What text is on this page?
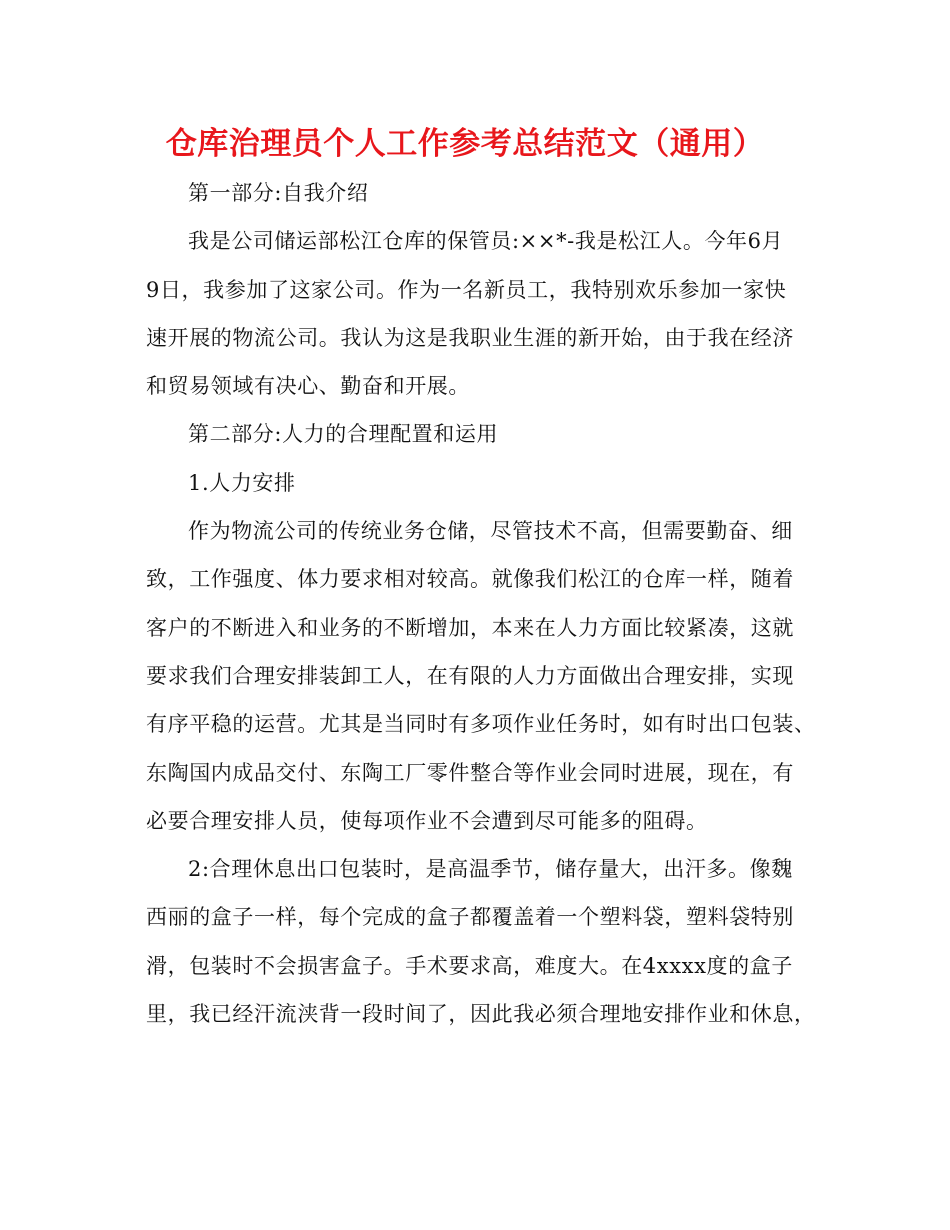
仓库治理员个人工作参考总结范文（通用）
第一部分:自我介绍
我是公司储运部松江仓库的保管员:××*-我是松江人。今年6月
9日，我参加了这家公司。作为一名新员工，我特别欢乐参加一家快
速开展的物流公司。我认为这是我职业生涯的新开始，由于我在经济
和贸易领域有决心、勤奋和开展。
第二部分:人力的合理配置和运用
1.人力安排
作为物流公司的传统业务仓储，尽管技术不高，但需要勤奋、细
致，工作强度、体力要求相对较高。就像我们松江的仓库一样，随着
客户的不断进入和业务的不断增加，本来在人力方面比较紧凑，这就
要求我们合理安排装卸工人，在有限的人力方面做出合理安排，实现
有序平稳的运营。尤其是当同时有多项作业任务时，如有时出口包装、
东陶国内成品交付、东陶工厂零件整合等作业会同时进展，现在，有
必要合理安排人员，使每项作业不会遭到尽可能多的阻碍。
2:合理休息出口包装时，是高温季节，储存量大，出汗多。像魏
西丽的盒子一样，每个完成的盒子都覆盖着一个塑料袋，塑料袋特别
滑，包装时不会损害盒子。手术要求高，难度大。在4xxxx度的盒子
里，我已经汗流浃背一段时间了，因此我必须合理地安排作业和休息，
